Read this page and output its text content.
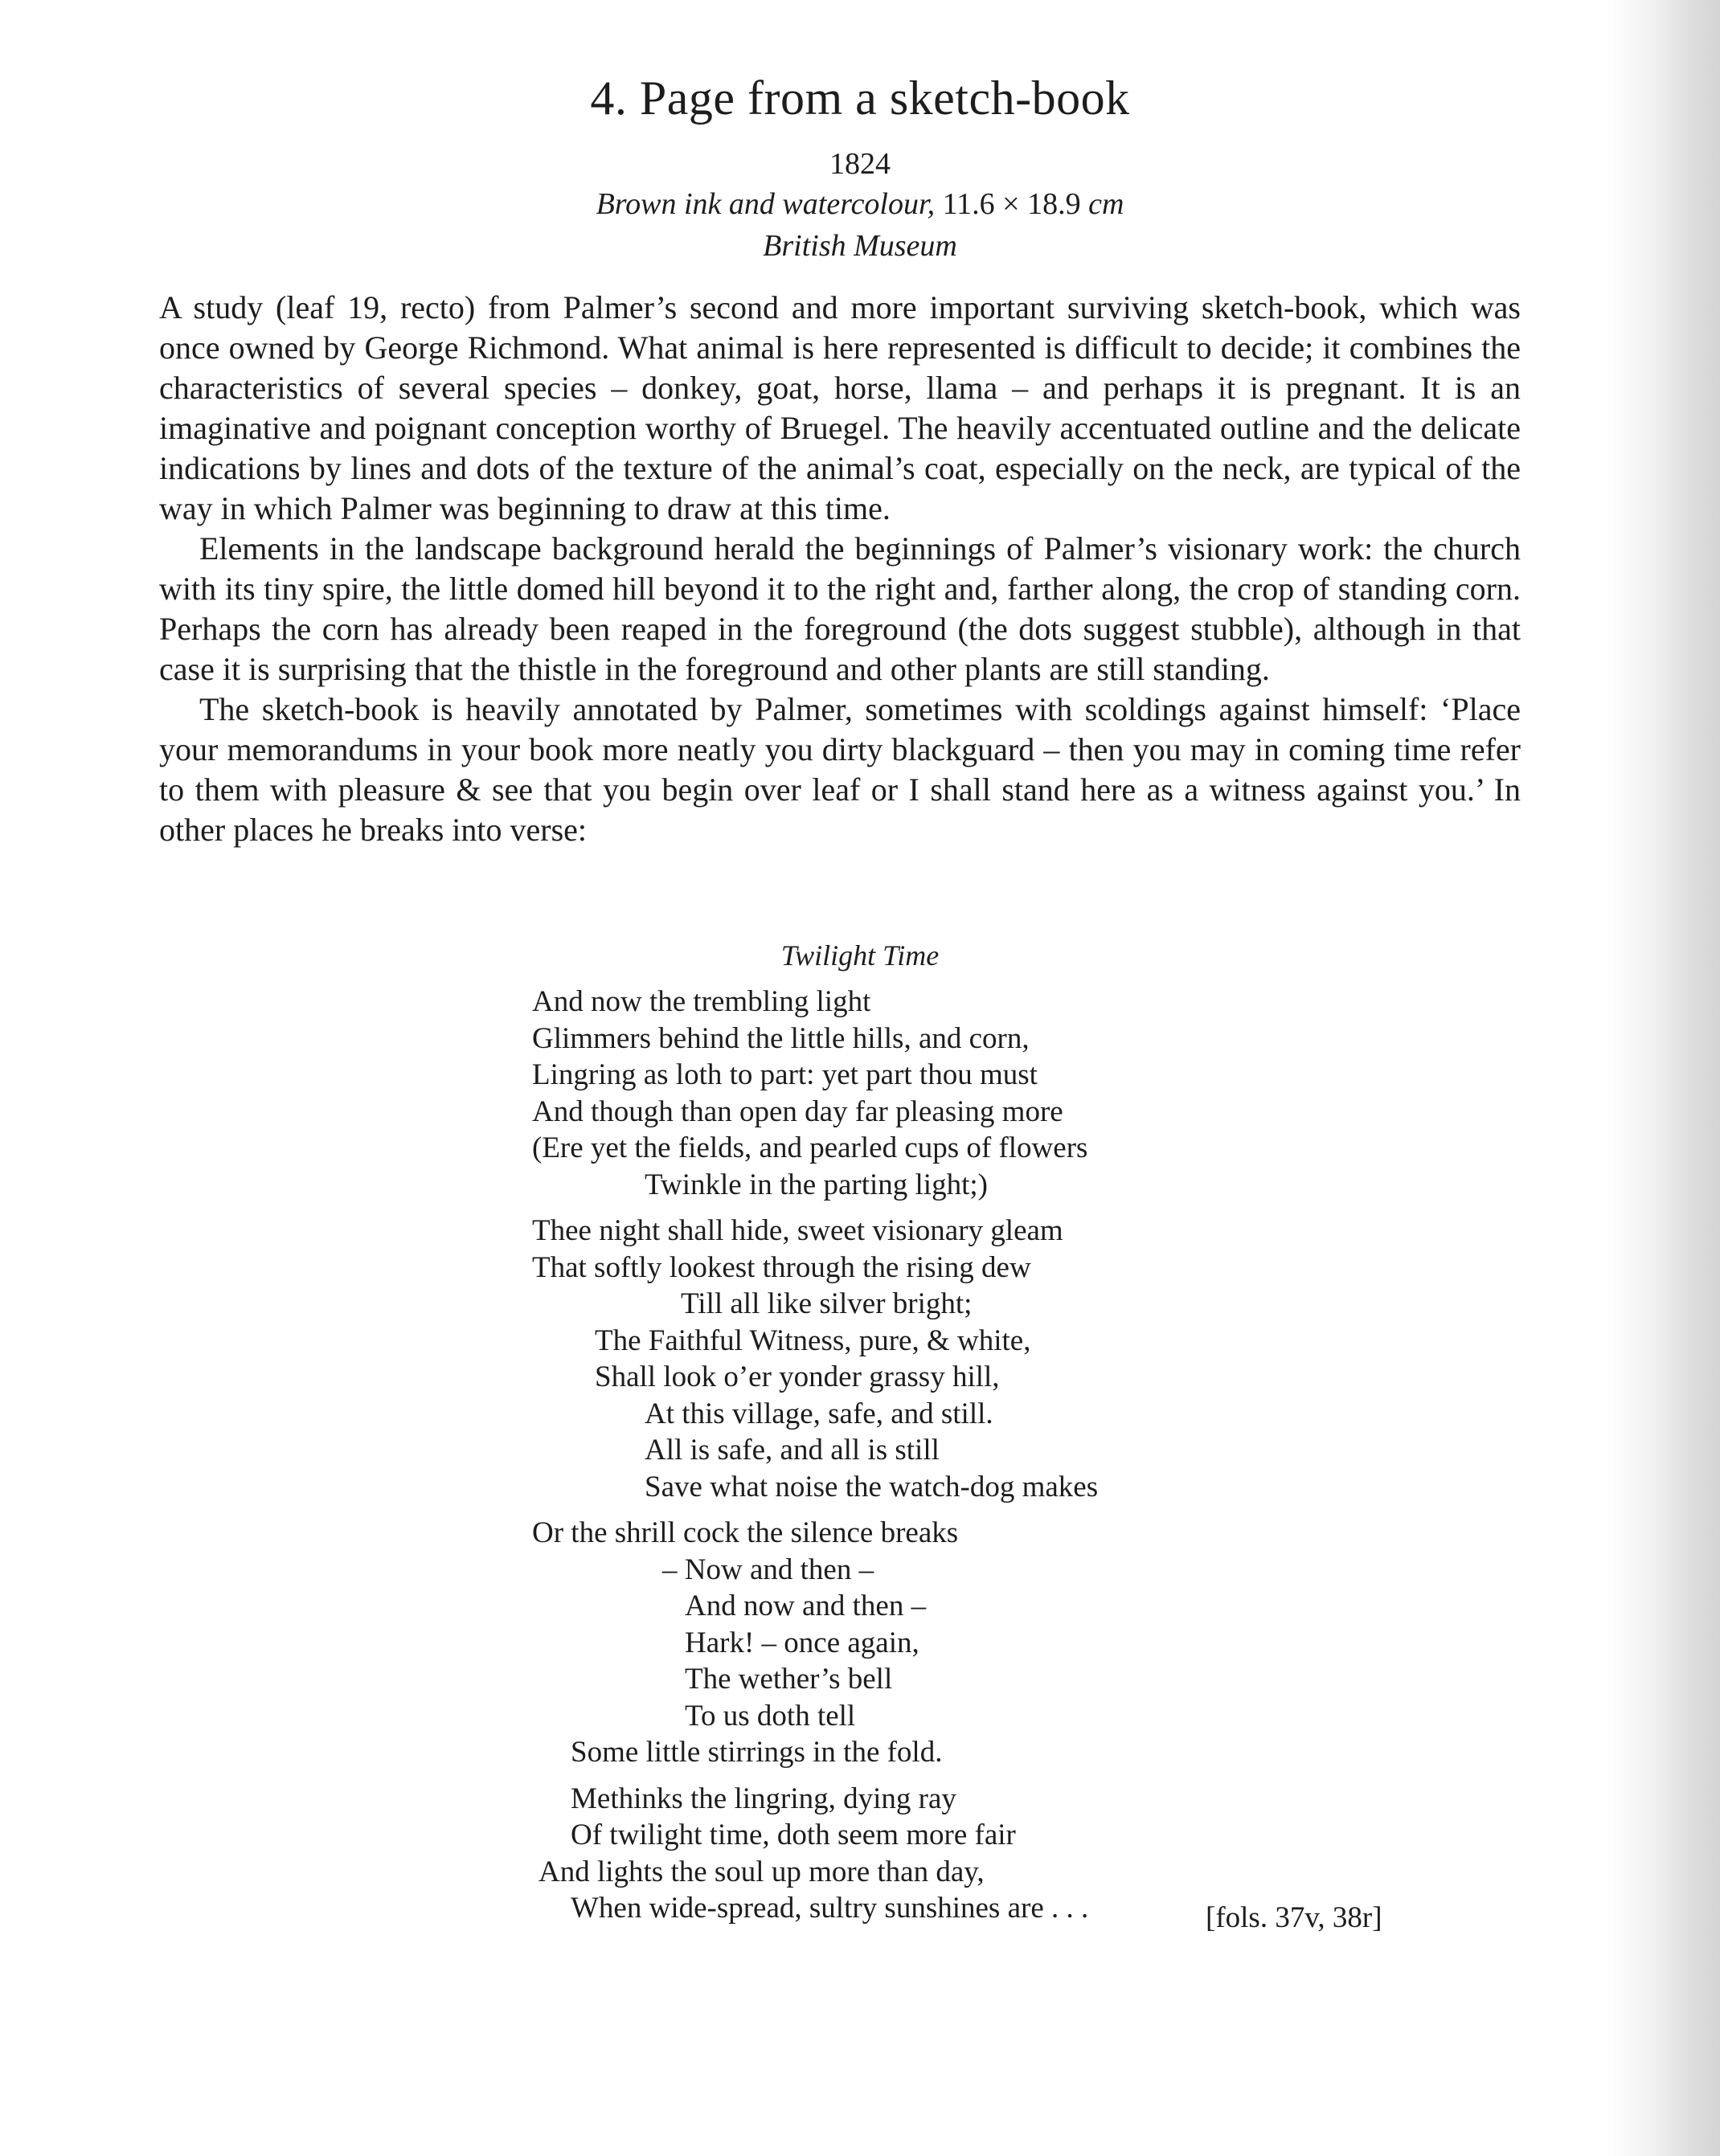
4. Page from a sketch-book
1824
Brown ink and watercolour, 11.6 × 18.9 cm
British Museum

A study (leaf 19, recto) from Palmer’s second and more important surviving sketch-book, which was once owned by George Richmond. What animal is here represented is difficult to decide; it combines the characteristics of several species – donkey, goat, horse, llama – and perhaps it is pregnant. It is an imaginative and poignant conception worthy of Bruegel. The heavily accentuated outline and the delicate indications by lines and dots of the texture of the animal’s coat, especially on the neck, are typical of the way in which Palmer was beginning to draw at this time.

Elements in the landscape background herald the beginnings of Palmer’s visionary work: the church with its tiny spire, the little domed hill beyond it to the right and, farther along, the crop of standing corn. Perhaps the corn has already been reaped in the foreground (the dots suggest stubble), although in that case it is surprising that the thistle in the foreground and other plants are still standing.

The sketch-book is heavily annotated by Palmer, sometimes with scoldings against himself: ‘Place your memorandums in your book more neatly you dirty blackguard – then you may in coming time refer to them with pleasure & see that you begin over leaf or I shall stand here as a witness against you.’ In other places he breaks into verse:

Twilight Time
And now the trembling light
Glimmers behind the little hills, and corn,
Lingring as loth to part: yet part thou must
And though than open day far pleasing more
(Ere yet the fields, and pearled cups of flowers
Twinkle in the parting light;)
Thee night shall hide, sweet visionary gleam
That softly lookest through the rising dew
Till all like silver bright;
The Faithful Witness, pure, & white,
Shall look o’er yonder grassy hill,
At this village, safe, and still.
All is safe, and all is still
Save what noise the watch-dog makes
Or the shrill cock the silence breaks
– Now and then –
And now and then –
Hark! – once again,
The wether’s bell
To us doth tell
Some little stirrings in the fold.
Methinks the lingring, dying ray
Of twilight time, doth seem more fair
And lights the soul up more than day,
When wide-spread, sultry sunshines are . . .	[fols. 37v, 38r]
